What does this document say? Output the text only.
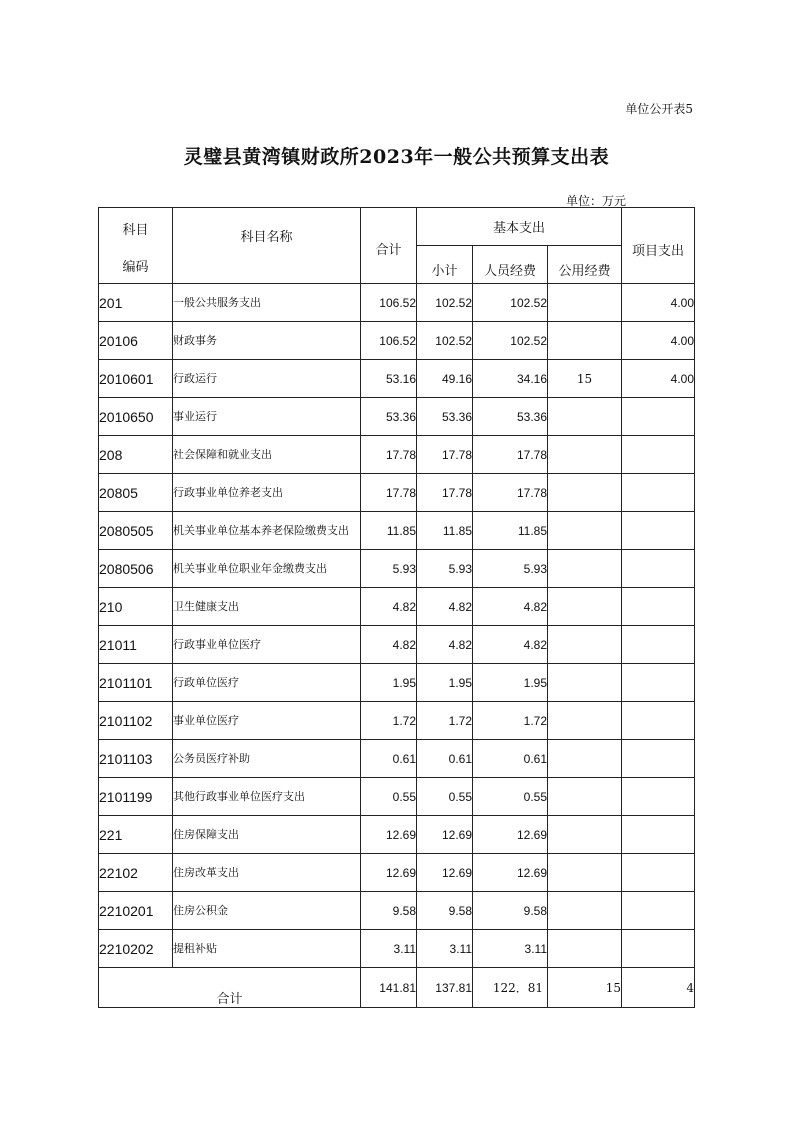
单位公开表5
灵璧县黄湾镇财政所2023年一般公共预算支出表
单位：万元
科目
编码	科目名称	合计	基本支出			项目支出
			小计	人员经费	公用经费	
201	一般公共服务支出	106.52	102.52	102.52		4.00
20106	财政事务	106.52	102.52	102.52		4.00
2010601	行政运行	53.16	49.16	34.16	15	4.00
2010650	事业运行	53.36	53.36	53.36		
208	社会保障和就业支出	17.78	17.78	17.78		
20805	行政事业单位养老支出	17.78	17.78	17.78		
2080505	机关事业单位基本养老保险缴费支出	11.85	11.85	11.85		
2080506	机关事业单位职业年金缴费支出	5.93	5.93	5.93		
210	卫生健康支出	4.82	4.82	4.82		
21011	行政事业单位医疗	4.82	4.82	4.82		
2101101	行政单位医疗	1.95	1.95	1.95		
2101102	事业单位医疗	1.72	1.72	1.72		
2101103	公务员医疗补助	0.61	0.61	0.61		
2101199	其他行政事业单位医疗支出	0.55	0.55	0.55		
221	住房保障支出	12.69	12.69	12.69		
22102	住房改革支出	12.69	12.69	12.69		
2210201	住房公积金	9.58	9.58	9.58		
2210202	提租补贴	3.11	3.11	3.11		
合计		141.81	137.81	122．81	15	4
